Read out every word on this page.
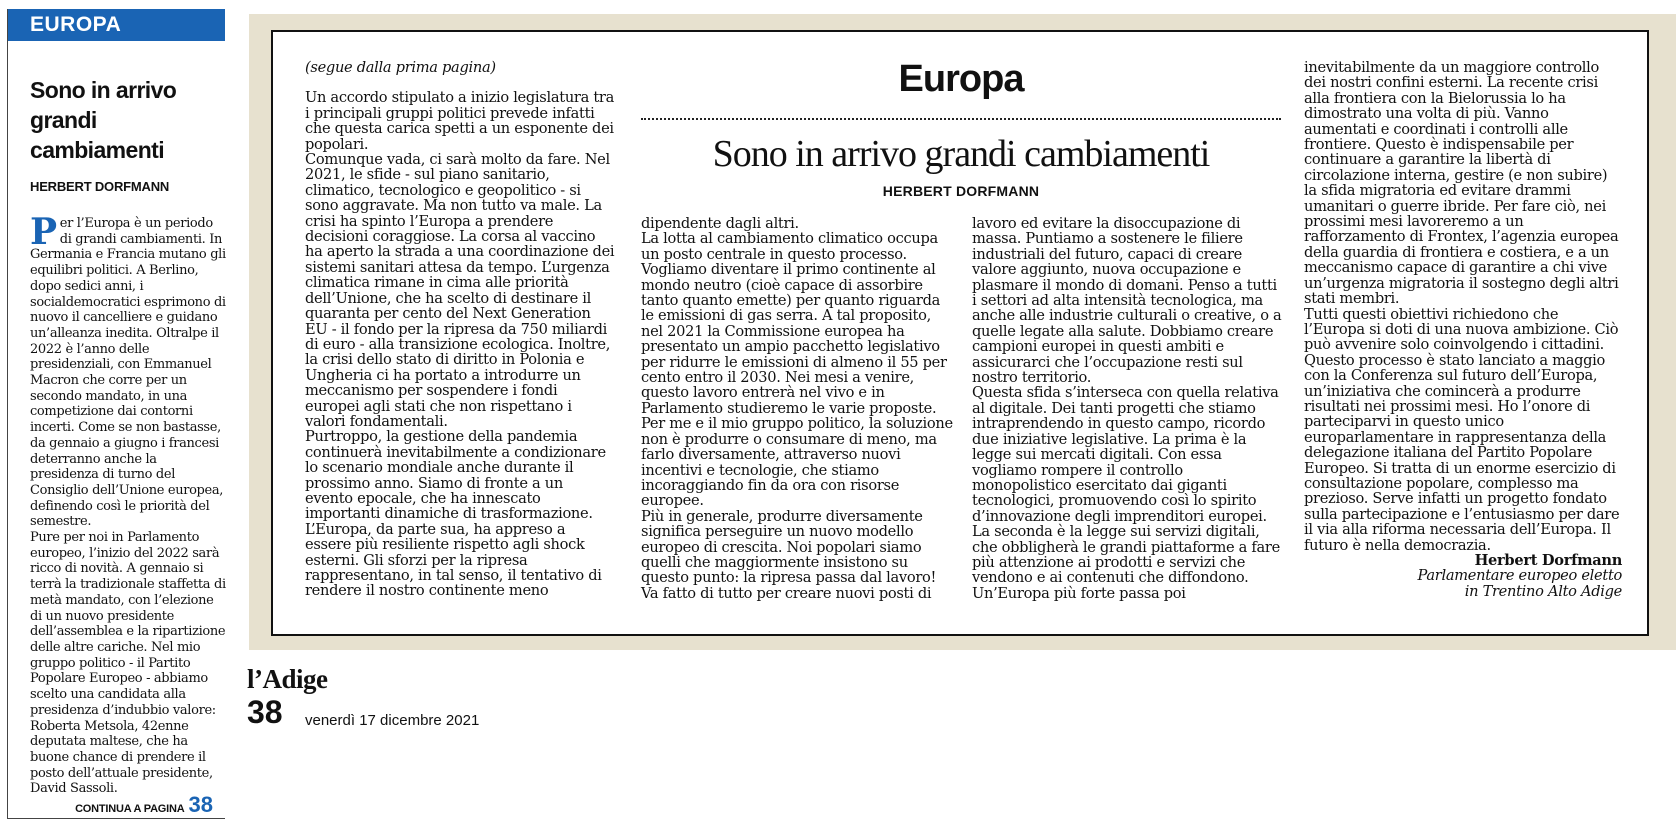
EUROPA
Sono in arrivo grandi cambiamenti
HERBERT DORFMANN

Per l’Europa è un periodo di grandi cambiamenti. In Germania e Francia mutano gli equilibri politici. A Berlino, dopo sedici anni, i socialdemocratici esprimono di nuovo il cancelliere e guidano un’alleanza inedita. Oltralpe il 2022 è l’anno delle presidenziali, con Emmanuel Macron che corre per un secondo mandato, in una competizione dai contorni incerti. Come se non bastasse, da gennaio a giugno i francesi deterranno anche la presidenza di turno del Consiglio dell’Unione europea, definendo così le priorità del semestre.

Pure per noi in Parlamento europeo, l’inizio del 2022 sarà ricco di novità. A gennaio si terrà la tradizionale staffetta di metà mandato, con l’elezione di un nuovo presidente dell’assemblea e la ripartizione delle altre cariche. Nel mio gruppo politico - il Partito Popolare Europeo - abbiamo scelto una candidata alla presidenza d’indubbio valore: Roberta Metsola, 42enne deputata maltese, che ha buone chance di prendere il posto dell’attuale presidente, David Sassoli.

CONTINUA A PAGINA 38

(segue dalla prima pagina)

Un accordo stipulato a inizio legislatura tra i principali gruppi politici prevede infatti che questa carica spetti a un esponente dei popolari.

Comunque vada, ci sarà molto da fare. Nel 2021, le sfide - sul piano sanitario, climatico, tecnologico e geopolitico - si sono aggravate. Ma non tutto va male. La crisi ha spinto l’Europa a prendere decisioni coraggiose. La corsa al vaccino ha aperto la strada a una coordinazione dei sistemi sanitari attesa da tempo. L’urgenza climatica rimane in cima alle priorità dell’Unione, che ha scelto di destinare il quaranta per cento del Next Generation EU - il fondo per la ripresa da 750 miliardi di euro - alla transizione ecologica. Inoltre, la crisi dello stato di diritto in Polonia e Ungheria ci ha portato a introdurre un meccanismo per sospendere i fondi europei agli stati che non rispettano i valori fondamentali.

Purtroppo, la gestione della pandemia continuerà inevitabilmente a condizionare lo scenario mondiale anche durante il prossimo anno. Siamo di fronte a un evento epocale, che ha innescato importanti dinamiche di trasformazione.

L’Europa, da parte sua, ha appreso a essere più resiliente rispetto agli shock esterni. Gli sforzi per la ripresa rappresentano, in tal senso, il tentativo di rendere il nostro continente meno

Europa
Sono in arrivo grandi cambiamenti
HERBERT DORFMANN

dipendente dagli altri.

La lotta al cambiamento climatico occupa un posto centrale in questo processo. Vogliamo diventare il primo continente al mondo neutro (cioè capace di assorbire tanto quanto emette) per quanto riguarda le emissioni di gas serra. A tal proposito, nel 2021 la Commissione europea ha presentato un ampio pacchetto legislativo per ridurre le emissioni di almeno il 55 per cento entro il 2030. Nei mesi a venire, questo lavoro entrerà nel vivo e in Parlamento studieremo le varie proposte. Per me e il mio gruppo politico, la soluzione non è produrre o consumare di meno, ma farlo diversamente, attraverso nuovi incentivi e tecnologie, che stiamo incoraggiando fin da ora con risorse europee.

Più in generale, produrre diversamente significa perseguire un nuovo modello europeo di crescita. Noi popolari siamo quelli che maggiormente insistono su questo punto: la ripresa passa dal lavoro! Va fatto di tutto per creare nuovi posti di

lavoro ed evitare la disoccupazione di massa. Puntiamo a sostenere le filiere industriali del futuro, capaci di creare valore aggiunto, nuova occupazione e plasmare il mondo di domani. Penso a tutti i settori ad alta intensità tecnologica, ma anche alle industrie culturali o creative, o a quelle legate alla salute. Dobbiamo creare campioni europei in questi ambiti e assicurarci che l’occupazione resti sul nostro territorio.

Questa sfida s’interseca con quella relativa al digitale. Dei tanti progetti che stiamo intraprendendo in questo campo, ricordo due iniziative legislative. La prima è la legge sui mercati digitali. Con essa vogliamo rompere il controllo monopolistico esercitato dai giganti tecnologici, promuovendo così lo spirito d’innovazione degli imprenditori europei. La seconda è la legge sui servizi digitali, che obbligherà le grandi piattaforme a fare più attenzione ai prodotti e servizi che vendono e ai contenuti che diffondono.

Un’Europa più forte passa poi

inevitabilmente da un maggiore controllo dei nostri confini esterni. La recente crisi alla frontiera con la Bielorussia lo ha dimostrato una volta di più. Vanno aumentati e coordinati i controlli alle frontiere. Questo è indispensabile per continuare a garantire la libertà di circolazione interna, gestire (e non subire) la sfida migratoria ed evitare drammi umanitari o guerre ibride. Per fare ciò, nei prossimi mesi lavoreremo a un rafforzamento di Frontex, l’agenzia europea della guardia di frontiera e costiera, e a un meccanismo capace di garantire a chi vive un’urgenza migratoria il sostegno degli altri stati membri.

Tutti questi obiettivi richiedono che l’Europa si doti di una nuova ambizione. Ciò può avvenire solo coinvolgendo i cittadini. Questo processo è stato lanciato a maggio con la Conferenza sul futuro dell’Europa, un’iniziativa che comincerà a produrre risultati nei prossimi mesi. Ho l’onore di parteciparvi in questo unico europarlamentare in rappresentanza della delegazione italiana del Partito Popolare Europeo. Si tratta di un enorme esercizio di consultazione popolare, complesso ma prezioso. Serve infatti un progetto fondato sulla partecipazione e l’entusiasmo per dare il via alla riforma necessaria dell’Europa. Il futuro è nella democrazia.

Herbert Dorfmann
Parlamentare europeo eletto
in Trentino Alto Adige
l’Adige
38 venerdì 17 dicembre 2021
